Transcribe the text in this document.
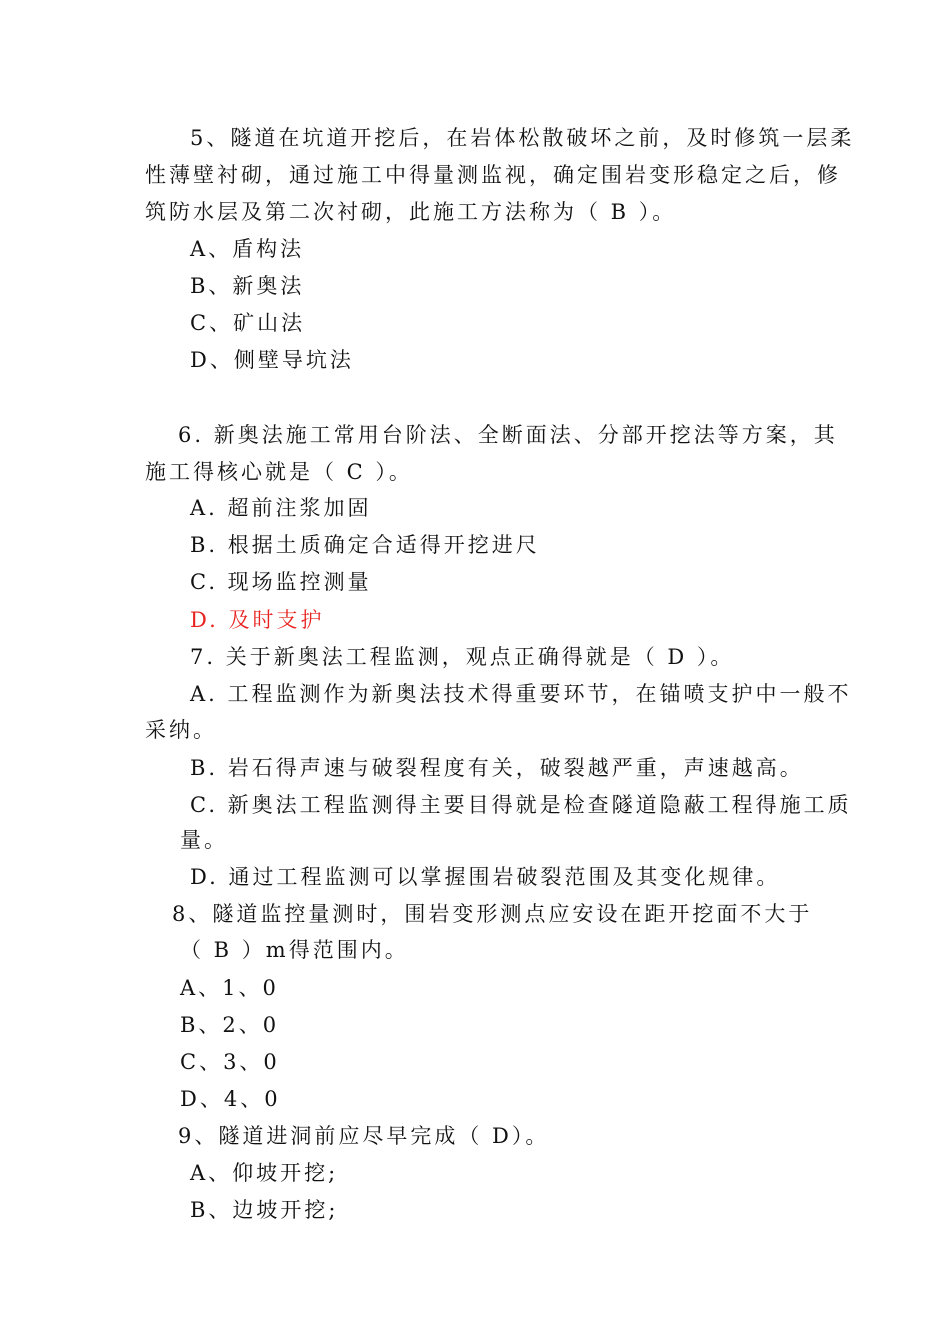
5、隧道在坑道开挖后，在岩体松散破坏之前，及时修筑一层柔
性薄壁衬砌，通过施工中得量测监视，确定围岩变形稳定之后，修
筑防水层及第二次衬砌，此施工方法称为（ B ）。
A、盾构法
B、新奥法
C、矿山法
D、侧壁导坑法
6. 新奥法施工常用台阶法、全断面法、分部开挖法等方案，其
施工得核心就是（ C ）。
A. 超前注浆加固
B. 根据土质确定合适得开挖进尺
C. 现场监控测量
D. 及时支护
7. 关于新奥法工程监测，观点正确得就是（ D ）。
A. 工程监测作为新奥法技术得重要环节，在锚喷支护中一般不
采纳。
B. 岩石得声速与破裂程度有关，破裂越严重，声速越高。
C. 新奥法工程监测得主要目得就是检查隧道隐蔽工程得施工质
量。
D. 通过工程监测可以掌握围岩破裂范围及其变化规律。
8、隧道监控量测时，围岩变形测点应安设在距开挖面不大于
（ B ）m得范围内。
A、1、0
B、2、0
C、3、0
D、4、0
9、隧道进洞前应尽早完成（ D）。
A、仰坡开挖;
B、边坡开挖;
